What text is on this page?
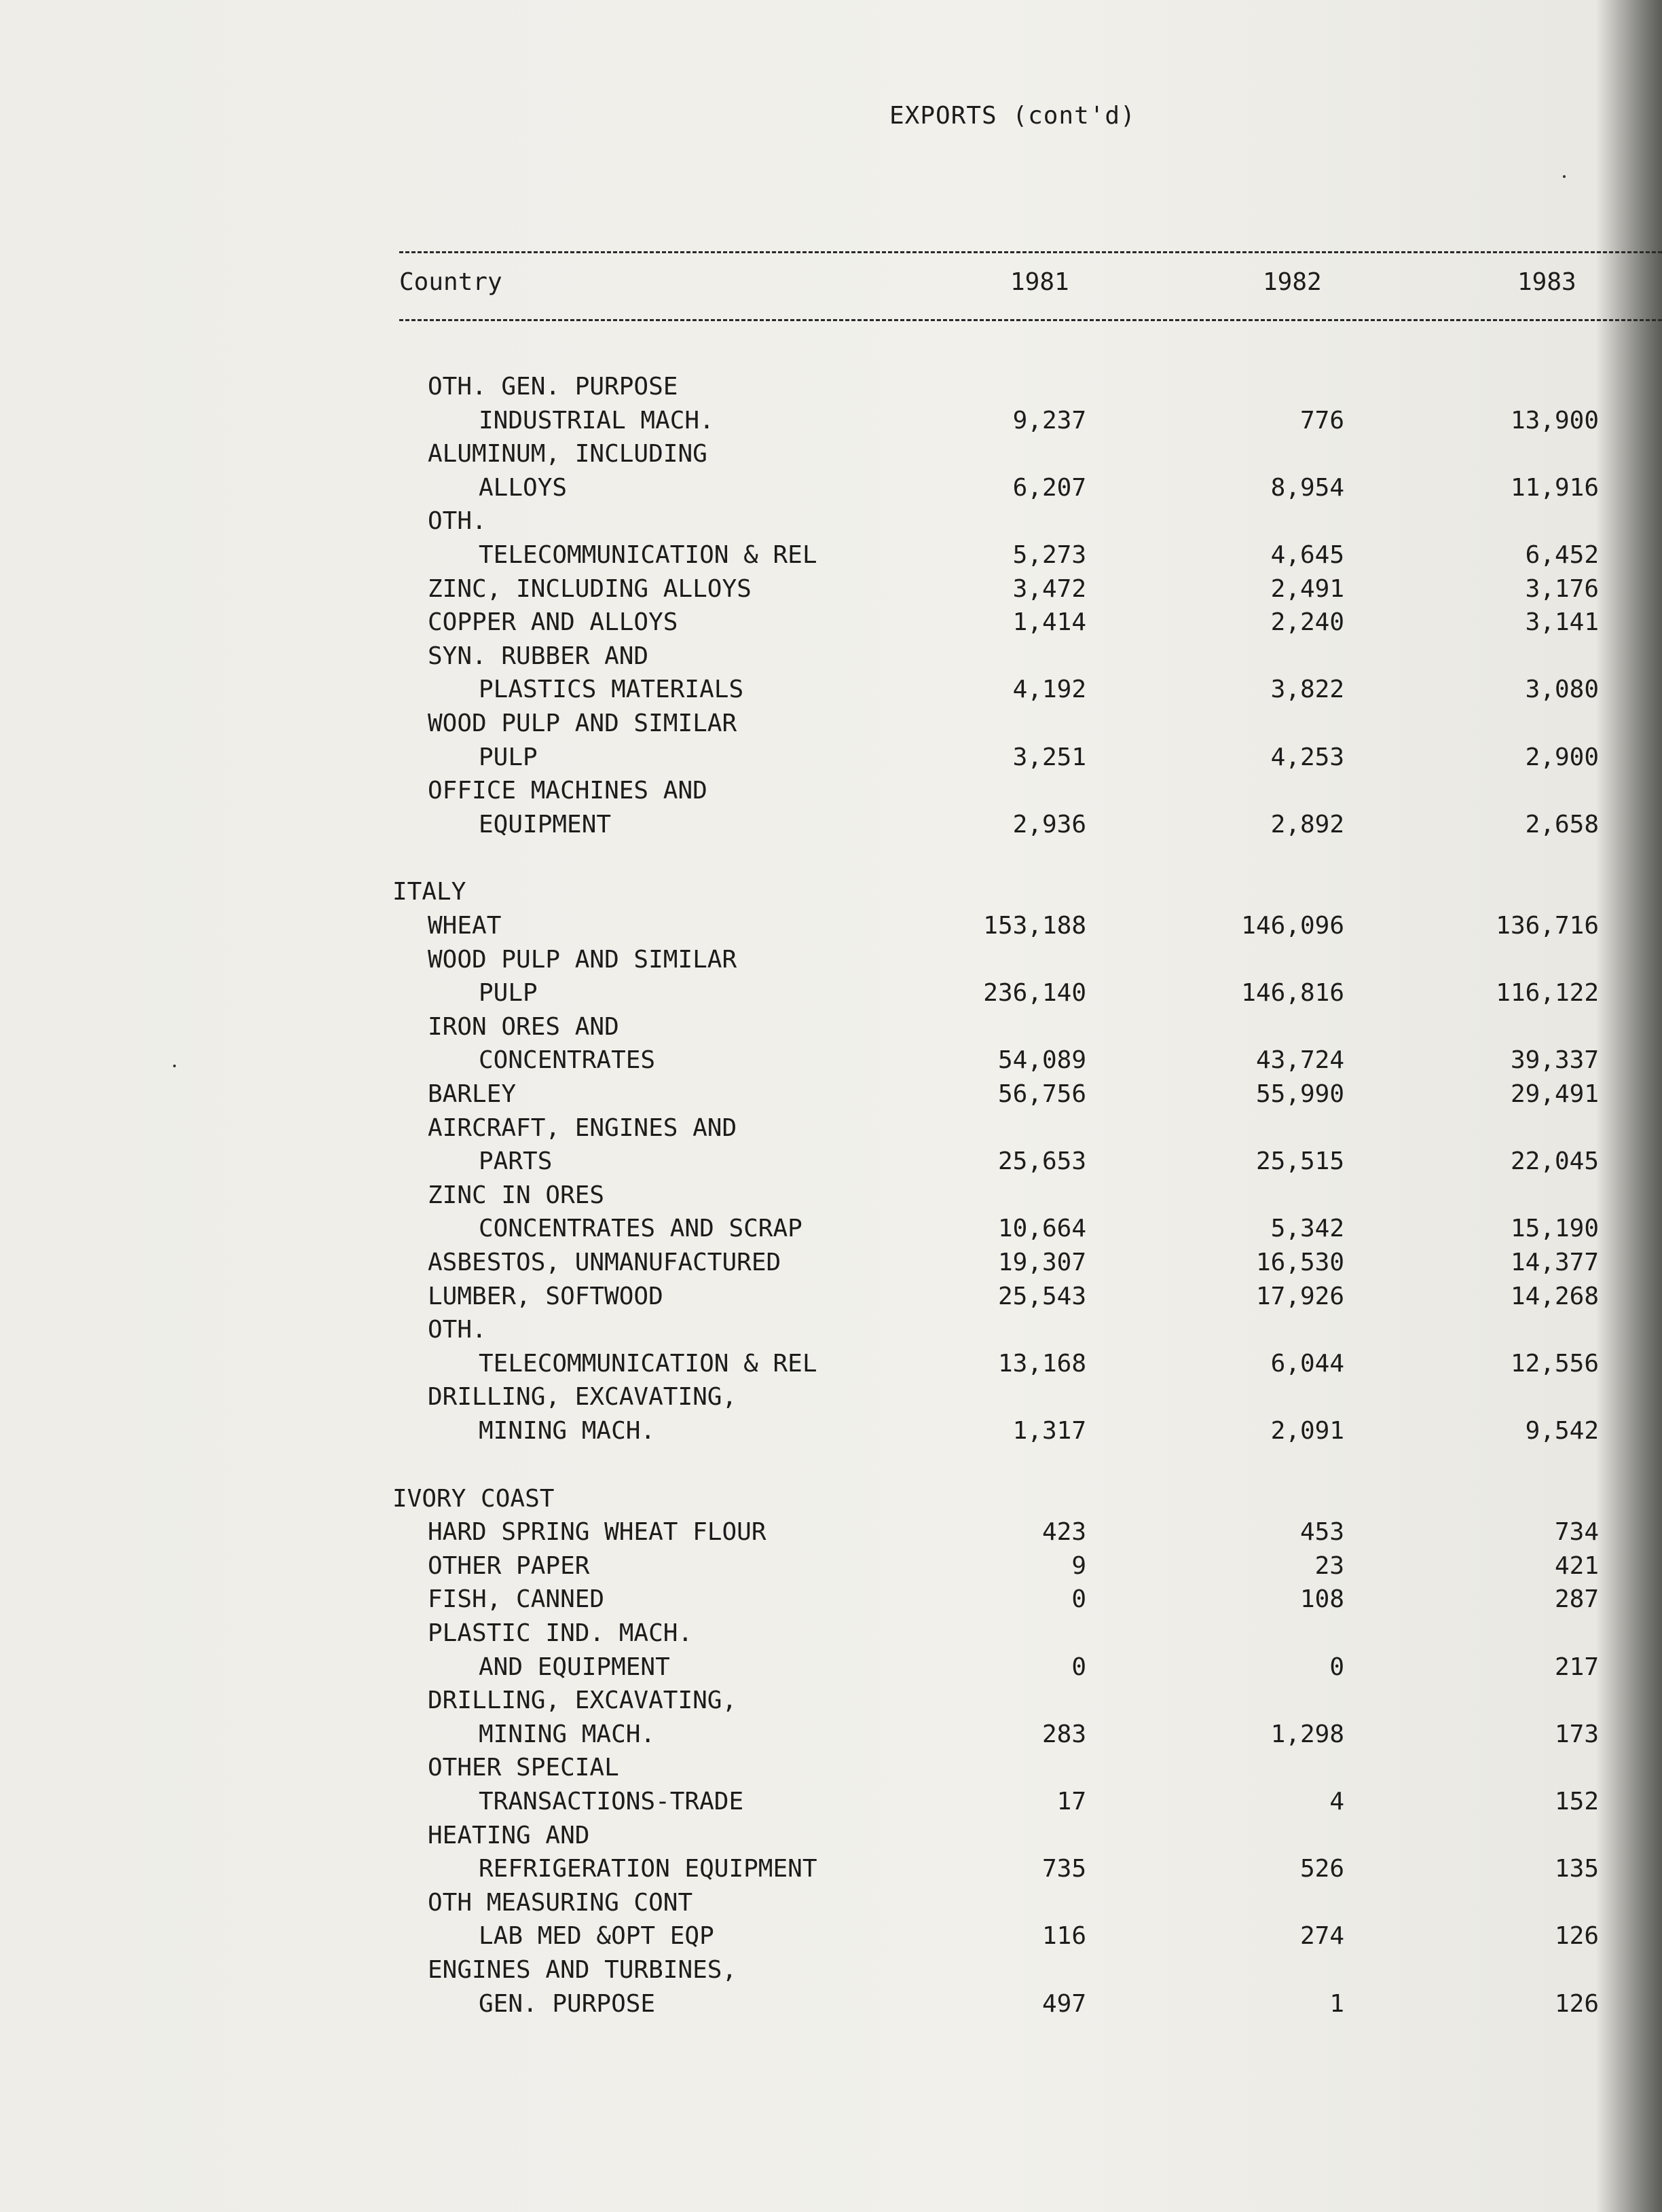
EXPORTS (cont'd)
Country	1981	1982	1983
OTH. GEN. PURPOSE
INDUSTRIAL MACH.	9,237	776	13,900
ALUMINUM, INCLUDING
ALLOYS	6,207	8,954	11,916
OTH.
TELECOMMUNICATION & REL	5,273	4,645	6,452
ZINC, INCLUDING ALLOYS	3,472	2,491	3,176
COPPER AND ALLOYS	1,414	2,240	3,141
SYN. RUBBER AND
PLASTICS MATERIALS	4,192	3,822	3,080
WOOD PULP AND SIMILAR
PULP	3,251	4,253	2,900
OFFICE MACHINES AND
EQUIPMENT	2,936	2,892	2,658
ITALY
WHEAT	153,188	146,096	136,716
WOOD PULP AND SIMILAR
PULP	236,140	146,816	116,122
IRON ORES AND
CONCENTRATES	54,089	43,724	39,337
BARLEY	56,756	55,990	29,491
AIRCRAFT, ENGINES AND
PARTS	25,653	25,515	22,045
ZINC IN ORES
CONCENTRATES AND SCRAP	10,664	5,342	15,190
ASBESTOS, UNMANUFACTURED	19,307	16,530	14,377
LUMBER, SOFTWOOD	25,543	17,926	14,268
OTH.
TELECOMMUNICATION & REL	13,168	6,044	12,556
DRILLING, EXCAVATING,
MINING MACH.	1,317	2,091	9,542
IVORY COAST
HARD SPRING WHEAT FLOUR	423	453	734
OTHER PAPER	9	23	421
FISH, CANNED	0	108	287
PLASTIC IND. MACH.
AND EQUIPMENT	0	0	217
DRILLING, EXCAVATING,
MINING MACH.	283	1,298	173
OTHER SPECIAL
TRANSACTIONS-TRADE	17	4	152
HEATING AND
REFRIGERATION EQUIPMENT	735	526	135
OTH MEASURING CONT
LAB MED &OPT EQP	116	274	126
ENGINES AND TURBINES,
GEN. PURPOSE	497	1	126
